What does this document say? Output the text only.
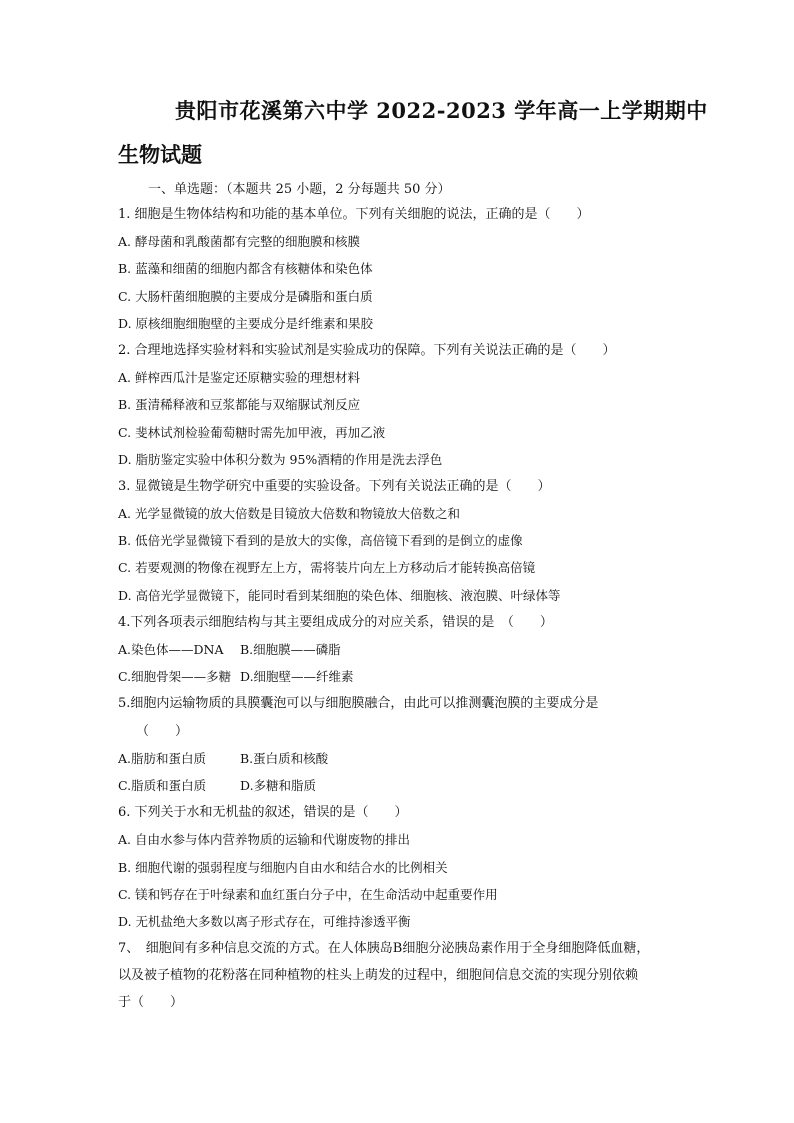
贵阳市花溪第六中学 2022-2023 学年高一上学期期中
生物试题
一、单选题：（本题共 25 小题，2 分每题共 50 分）
1. 细胞是生物体结构和功能的基本单位。下列有关细胞的说法，正确的是（　　）
A. 酵母菌和乳酸菌都有完整的细胞膜和核膜
B. 蓝藻和细菌的细胞内都含有核糖体和染色体
C. 大肠杆菌细胞膜的主要成分是磷脂和蛋白质
D. 原核细胞细胞壁的主要成分是纤维素和果胶
2. 合理地选择实验材料和实验试剂是实验成功的保障。下列有关说法正确的是（　　）
A. 鲜榨西瓜汁是鉴定还原糖实验的理想材料
B. 蛋清稀释液和豆浆都能与双缩脲试剂反应
C. 斐林试剂检验葡萄糖时需先加甲液，再加乙液
D. 脂肪鉴定实验中体积分数为 95%酒精的作用是洗去浮色
3. 显微镜是生物学研究中重要的实验设备。下列有关说法正确的是（　　）
A. 光学显微镜的放大倍数是目镜放大倍数和物镜放大倍数之和
B. 低倍光学显微镜下看到的是放大的实像，高倍镜下看到的是倒立的虚像
C. 若要观测的物像在视野左上方，需将装片向左上方移动后才能转换高倍镜
D. 高倍光学显微镜下，能同时看到某细胞的染色体、细胞核、液泡膜、叶绿体等
4.下列各项表示细胞结构与其主要组成成分的对应关系，错误的是　（　　）
A.染色体——DNA B.细胞膜——磷脂
C.细胞骨架——多糖 D.细胞壁——纤维素
5.细胞内运输物质的具膜囊泡可以与细胞膜融合，由此可以推测囊泡膜的主要成分是
（　　）
A.脂肪和蛋白质	B.蛋白质和核酸
C.脂质和蛋白质	D.多糖和脂质
6. 下列关于水和无机盐的叙述，错误的是（　　）
A. 自由水参与体内营养物质的运输和代谢废物的排出
B. 细胞代谢的强弱程度与细胞内自由水和结合水的比例相关
C. 镁和钙存在于叶绿素和血红蛋白分子中，在生命活动中起重要作用
D. 无机盐绝大多数以离子形式存在，可维持渗透平衡
7、　细胞间有多种信息交流的方式。在人体胰岛B细胞分泌胰岛素作用于全身细胞降低血糖，
以及被子植物的花粉落在同种植物的柱头上萌发的过程中，细胞间信息交流的实现分别依赖
于（　　）
